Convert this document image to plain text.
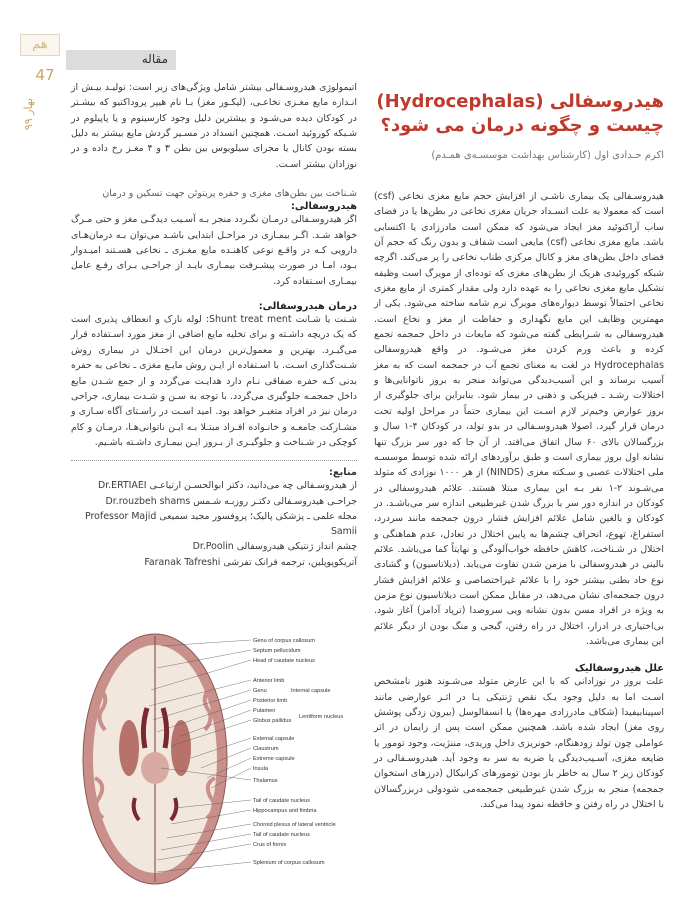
هم
47
بهار ۹۹
مقاله
هیدروسفالی (Hydrocephalas)
چیست و چگونه درمان می شود؟
اکرم حـدادی اول (کارشناس بهداشت موسسـه‌ی همـدم)

هیدروسـفالی یک بیماری ناشـی از افزایش حجم مایع مغزی نخاعی (csf) است که معمولا به علت انسـداد جریان مغزی نخاعی در بطن‌ها یا در فضای ساب آراکنوئید مغز ایجاد می‌شود که ممکن است مادرزادی یا اکتسابی باشد. مایع مغزی نخاعی (csf) مایعی است شفاف و بدون رنگ که حجم آن فضای داخل بطن‌های مغز و کانال مرکزی طناب نخاعی را پر می‌کند. اگرچه شبکه کوروئیدی هریک از بطن‌های مغزی که توده‌ای از مویرگ است وظیفه تشکیل مایع مغزی نخاعی را به عهده دارد ولی مقدار کمتری از مایع مغزی نخاعی احتمالاً توسط دیواره‌های مویرگ نرم شامه ساخته می‌شود. یکی از مهمترین وظایف این مایع نگهداری و حفاظت از مغز و نخاع است. هیدروسفالی به شـرایطی گفته می‌شود که مایعات در داخل جمجمه تجمع کرده و باعث ورم کردن مغز می‌شـود. در واقع هیدروسفالی Hydrocephalas در لغت به معنای تجمع آب در جمجمه است که به مغز آسیب برساند و این آسیب‌دیدگی می‌تواند منجر به بروز ناتوانایی‌ها و اختلالات رشـد ـ فیزیکی و ذهنی در بیمار شود. بنابراین برای جلوگیری از بروز عوارض وخیم‌تر لازم اسـت این بیماری حتماً در مراحل اولیه تحت درمان قرار گیرد. اصولا هیدروسـفالی در بدو تولد، در کودکان ۴-۱ سال و بزرگسالان بالای ۶۰ سال اتفاق می‌افتد. از آن جا که دور سر بزرگ تنها نشانه اول بروز بیماری است و طبق برآوردهای ارائه شده توسط موسسـه ملی اختلالات عصبی و سـکته مغزی (NINDS) از هر ۱۰۰۰ نوزادی که متولد می‌شـوند ۲-۱ نفر بـه این بیماری مبتلا هستند. علائم هیدروسفالی در کودکان در اندازه دور سر یا بزرگ شدن غیرطبیعی اندازه سر می‌باشـد. در کودکان و بالغین شامل علائم افزایش فشار درون جمجمه مانند سردرد، استفراغ، تهوع، انحراف چشم‌ها به پایین اختلال در تعادل، عدم هماهنگی و اختلال در شـناخت، کاهش حافظه خواب‌آلودگی و نهایتاً کما می‌باشد. علائم بالینی در هیدروسفالی با مزمن شدن تفاوت می‌یابد. (دیلاتاسیون) و گشادی نوع حاد بطنی بیشتر خود را با علائم غیراختصاصی و علائم افزایش فشار درون جمجمه‌ای نشان می‌دهد، در مقابل ممکن است دیلاتاسیون نوع مزمن به ویژه در افراد مسن بدون نشانه ویی سروصدا (ترپاد آدامز) آغاز شود. بی‌اختیاری در ادرار، اختلال در راه رفتن، گیجی و منگ بودن از دیگر علائم این بیماری می‌باشد.

علل هیدروسفالیک

علت بروز در نوزادانی که با این عارض متولد می‌شـوند هنوز نامشخص اسـت اما به دلیل وجود یـک نقص ژنتیکی یـا در اثـر عوارضی مانند اسپینابیفیدا (شکاف مادرزادی مهره‌ها) یا انسفالوسل (بیرون زدگی پوشش روی مغز) ایجاد شده باشد. همچنین ممکن است پس از زایمان در اثر عواملی چون تولد زودهنگام، خونریزی داخل وریدی، مننژیت، وجود تومور یا ضایعه مغزی، آسـیب‌دیدگی یا ضربه به سر به وجود آید. هیدروسـفالی در کودکان زیر ۲ سال به خاطر باز بودن تومورهای کرانیکال (درزهای استخوان جمجمه) منجر به بزرگ شدن غیرطبیعی جمجمه‌می شود‌ولی در‌بزرگسالان با اختلال در راه رفتن و حافظه نمود پیدا می‌کند.

اتیمولوژی هیدروسـفالی بیشتر شامل ویژگی‌های زیر است: تولیـد بیـش از انـدازه مایع مغـزی نخاعـی، (لیکـور مغز) بـا نام هیپر پروداکتیو که بیشـتر در کودکان دیده می‌شـود و بیشترین دلیل وجود کارسینوم و یا پاپیلوم در شـبکه کوروئید اسـت. همچنین انسداد در مسـیر گردش مایع بیشتر به دلیل بسته بودن کانال یا مجرای سیلویوس بین بطن ۳ و ۴ مغـز رخ داده و در نوزادان بیشتر اسـت.

شـناخت بین بطن‌های مغزی و حفره پریتوئن جهت تسکین و درمان

هیدروسفالی:

اگر هیدروسـفالی درمـان نگـردد منجر بـه آسـیب دیدگـی مغز و حتی مـرگ خواهد شـد. اگـر بیمـاری در مراحـل ابتدایی باشـد می‌توان بـه درمان‌هـای دارویی کـه در واقـع نوعی کاهنـده مایع مغـزی ـ نخاعی هسـتند امیـدوار بـود، امـا در صورت پیشـرفت بیمـاری بایـد از جراحـی بـرای رفـع عامل بیمـاری اسـتفاده کرد.

درمان هیدروسفالی:

شـنت یا شـانت Shunt treat ment: لوله نازک و انعطاف پذیری است که یک دریچه داشـته و برای تخلیه مایع اضافی از مغز مورد اسـتفاده قرار می‌گیـرد. بهترین و معمول‌ترین درمان این اختـلال در بیماری روش شـنت‌گذاری اسـت. با اسـتفاده از ایـن روش مایـع مغزی ـ نخاعی به حفره بدنی کـه حفره صفاقی نـام دارد هدایـت می‌گردد و از جمع شـدن مایع داخل جمجمـه جلوگیری می‌گردد. با توجه به سـن و شـدت بیماری، جراحی درمان نیز در افراد متغیـر خواهد بود. امید اسـت در راسـتای آگاه سـازی و مشـارکت جامعـه و خانـواده افـراد مبتـلا بـه ایـن ناتوانی‌هـا، درمـان و کام کوچکی در شـناخت و جلوگیـری از بـروز ایـن بیمـاری داشـته باشـیم.

منابع:
از هیدروسـفالی چه می‌دانید، دکتر ابوالحسـن ارتیاعـی Dr.ERTIAEI
جراحـی هیدروسـفالی دکتـر روزبـه شـمس Dr.rouzbeh shams
مجله علمی ـ پزشکی پالیک؛ پروفسور مجید سمیعی Professor Majid
Samii
چشم انداز ژنتیکی هیدروسفالی Dr.Poolin
آتریکوپوپلین، ترجمه فرانک تفرشی Faranak Tafreshi
Genu of corpus callosum
Septum pellucidum
Head of caudate nucleus
Anterior limb
Genu
Posterior limb
Internal capsule
Putamen
Globus pallidus
Lentiform nucleus
External capsule
Claustrum
Extreme capsule
Insula
Thalamus
Tail of caudate nucleus
Hippocampus and fimbria
Choroid plexus of lateral ventricle
Tail of caudate nucleus
Crus of fornix
Splenium of corpus callosum
